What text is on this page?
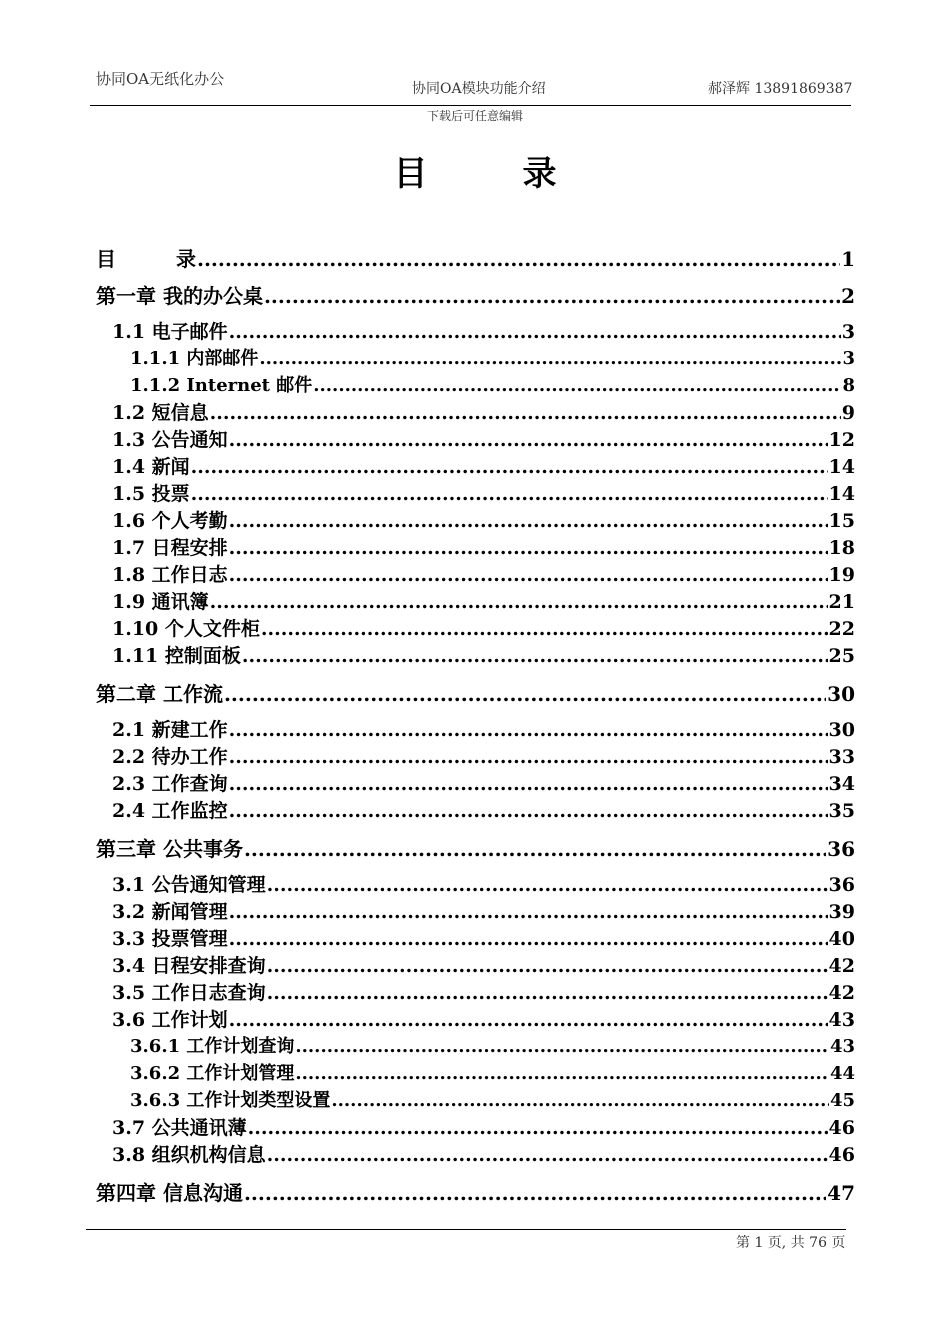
协同OA无纸化办公
协同OA模块功能介绍	郝泽辉 13891869387
下载后可任意编辑
目录
目　　　录 .....	1
第一章 我的办公桌 .....	2
1.1 电子邮件 .....	3
1.1.1 内部邮件 .....	3
1.1.2 Internet 邮件 .....	8
1.2 短信息 .....	9
1.3 公告通知 .....	12
1.4 新闻 .....	14
1.5 投票 .....	14
1.6 个人考勤 .....	15
1.7 日程安排 .....	18
1.8 工作日志 .....	19
1.9 通讯簿 .....	21
1.10 个人文件柜 .....	22
1.11 控制面板 .....	25
第二章 工作流 .....	30
2.1 新建工作 .....	30
2.2 待办工作 .....	33
2.3 工作查询 .....	34
2.4 工作监控 .....	35
第三章 公共事务 .....	36
3.1 公告通知管理 .....	36
3.2 新闻管理 .....	39
3.3 投票管理 .....	40
3.4 日程安排查询 .....	42
3.5 工作日志查询 .....	42
3.6 工作计划 .....	43
3.6.1 工作计划查询 .....	43
3.6.2 工作计划管理 .....	44
3.6.3 工作计划类型设置 .....	45
3.7 公共通讯薄 .....	46
3.8 组织机构信息 .....	46
第四章 信息沟通 .....	47
第 1 页, 共 76 页
